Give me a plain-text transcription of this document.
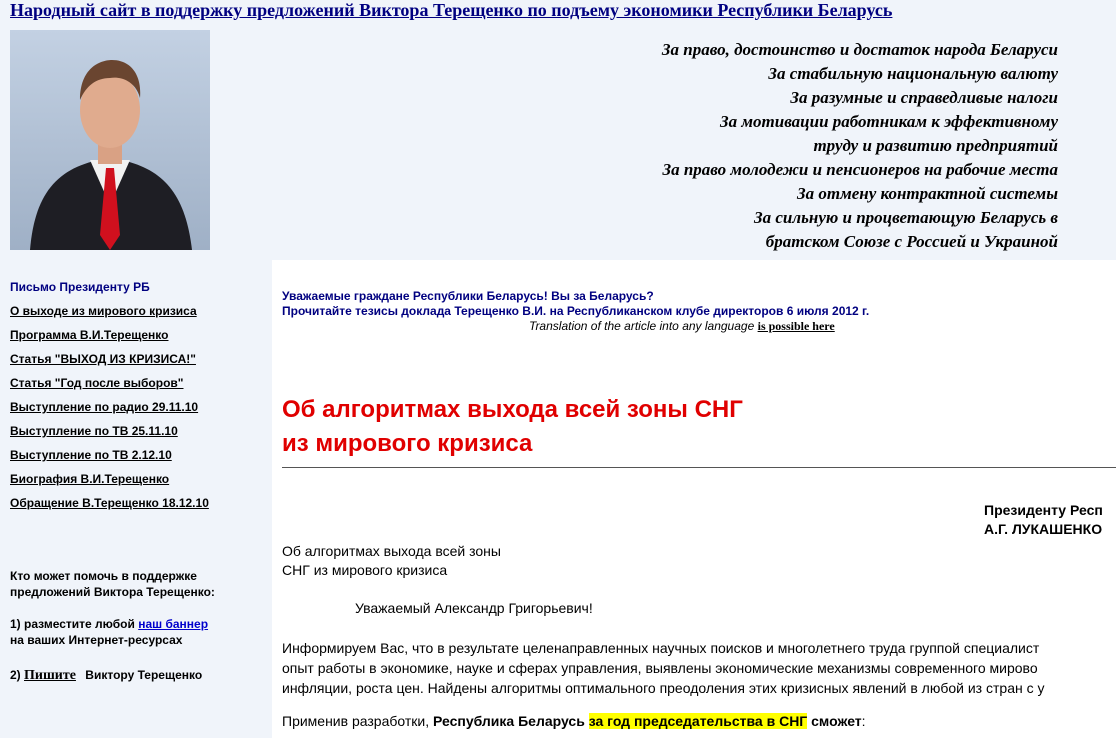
Народный сайт в поддержку предложений Виктора Терещенко по подъему экономики Республики Беларусь
За право, достоинство и достаток народа Беларуси
За стабильную национальную валюту
За разумные и справедливые налоги
За мотивации работникам к эффективному
труду и развитию предприятий
За право молодежи и пенсионеров на рабочие места
За отмену контрактной системы
За сильную и процветающую Беларусь в
братском Союзе с Россией и Украиной
Письмо Президенту РБ
О выходе из мирового кризиса
Программа В.И.Терещенко
Статья "ВЫХОД ИЗ КРИЗИСА!"
Статья "Год после выборов"
Выступление по радио 29.11.10
Выступление по ТВ 25.11.10
Выступление по ТВ 2.12.10
Биография В.И.Терещенко
Обращение В.Терещенко 18.12.10
Кто может помочь в поддержке
предложений Виктора Терещенко:
1) разместите любой наш баннер
на ваших Интернет-ресурсах
2) Пишите Виктору Терещенко
Уважаемые граждане Республики Беларусь! Вы за Беларусь?
Прочитайте тезисы доклада Терещенко В.И. на Республиканском клубе директоров 6 июля 2012 г.
Translation of the article into any language is possible here
Об алгоритмах выхода всей зоны СНГ
из мирового кризиса
Президенту Респ
А.Г. ЛУКАШЕНКО
Об алгоритмах выхода всей зоны
СНГ из мирового кризиса
Уважаемый Александр Григорьевич!
Информируем Вас, что в результате целенаправленных научных поисков и многолетнего труда группой специалист
опыт работы в экономике, науке и сферах управления, выявлены экономические механизмы современного мирово
инфляции, роста цен. Найдены алгоритмы оптимального преодоления этих кризисных явлений в любой из стран с у
Применив разработки, Республика Беларусь за год председательства в СНГ сможет:
